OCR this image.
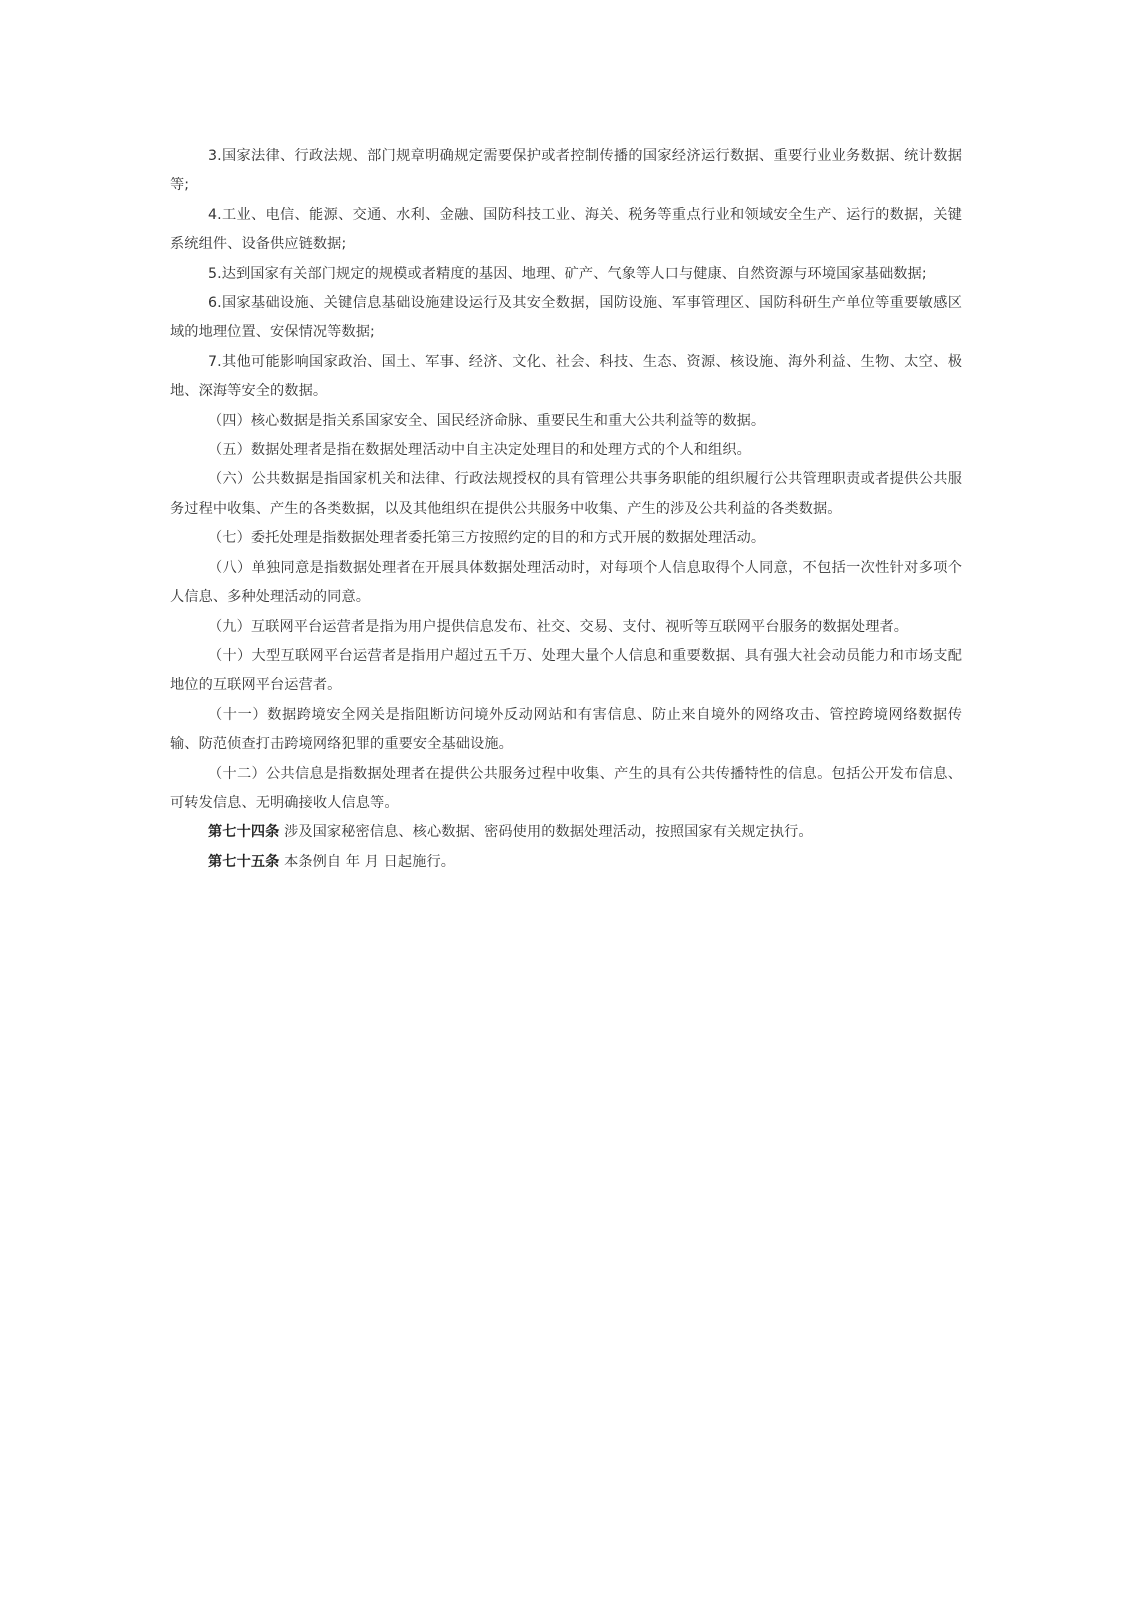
3.国家法律、行政法规、部门规章明确规定需要保护或者控制传播的国家经济运行数据、重要行业业务数据、统计数据等;

4.工业、电信、能源、交通、水利、金融、国防科技工业、海关、税务等重点行业和领域安全生产、运行的数据，关键系统组件、设备供应链数据;

5.达到国家有关部门规定的规模或者精度的基因、地理、矿产、气象等人口与健康、自然资源与环境国家基础数据;

6.国家基础设施、关键信息基础设施建设运行及其安全数据，国防设施、军事管理区、国防科研生产单位等重要敏感区域的地理位置、安保情况等数据;

7.其他可能影响国家政治、国土、军事、经济、文化、社会、科技、生态、资源、核设施、海外利益、生物、太空、极地、深海等安全的数据。

（四）核心数据是指关系国家安全、国民经济命脉、重要民生和重大公共利益等的数据。

（五）数据处理者是指在数据处理活动中自主决定处理目的和处理方式的个人和组织。

（六）公共数据是指国家机关和法律、行政法规授权的具有管理公共事务职能的组织履行公共管理职责或者提供公共服务过程中收集、产生的各类数据，以及其他组织在提供公共服务中收集、产生的涉及公共利益的各类数据。

（七）委托处理是指数据处理者委托第三方按照约定的目的和方式开展的数据处理活动。

（八）单独同意是指数据处理者在开展具体数据处理活动时，对每项个人信息取得个人同意，不包括一次性针对多项个人信息、多种处理活动的同意。

（九）互联网平台运营者是指为用户提供信息发布、社交、交易、支付、视听等互联网平台服务的数据处理者。

（十）大型互联网平台运营者是指用户超过五千万、处理大量个人信息和重要数据、具有强大社会动员能力和市场支配地位的互联网平台运营者。

（十一）数据跨境安全网关是指阻断访问境外反动网站和有害信息、防止来自境外的网络攻击、管控跨境网络数据传输、防范侦查打击跨境网络犯罪的重要安全基础设施。

（十二）公共信息是指数据处理者在提供公共服务过程中收集、产生的具有公共传播特性的信息。包括公开发布信息、可转发信息、无明确接收人信息等。

第七十四条 涉及国家秘密信息、核心数据、密码使用的数据处理活动，按照国家有关规定执行。

第七十五条 本条例自 年 月 日起施行。
